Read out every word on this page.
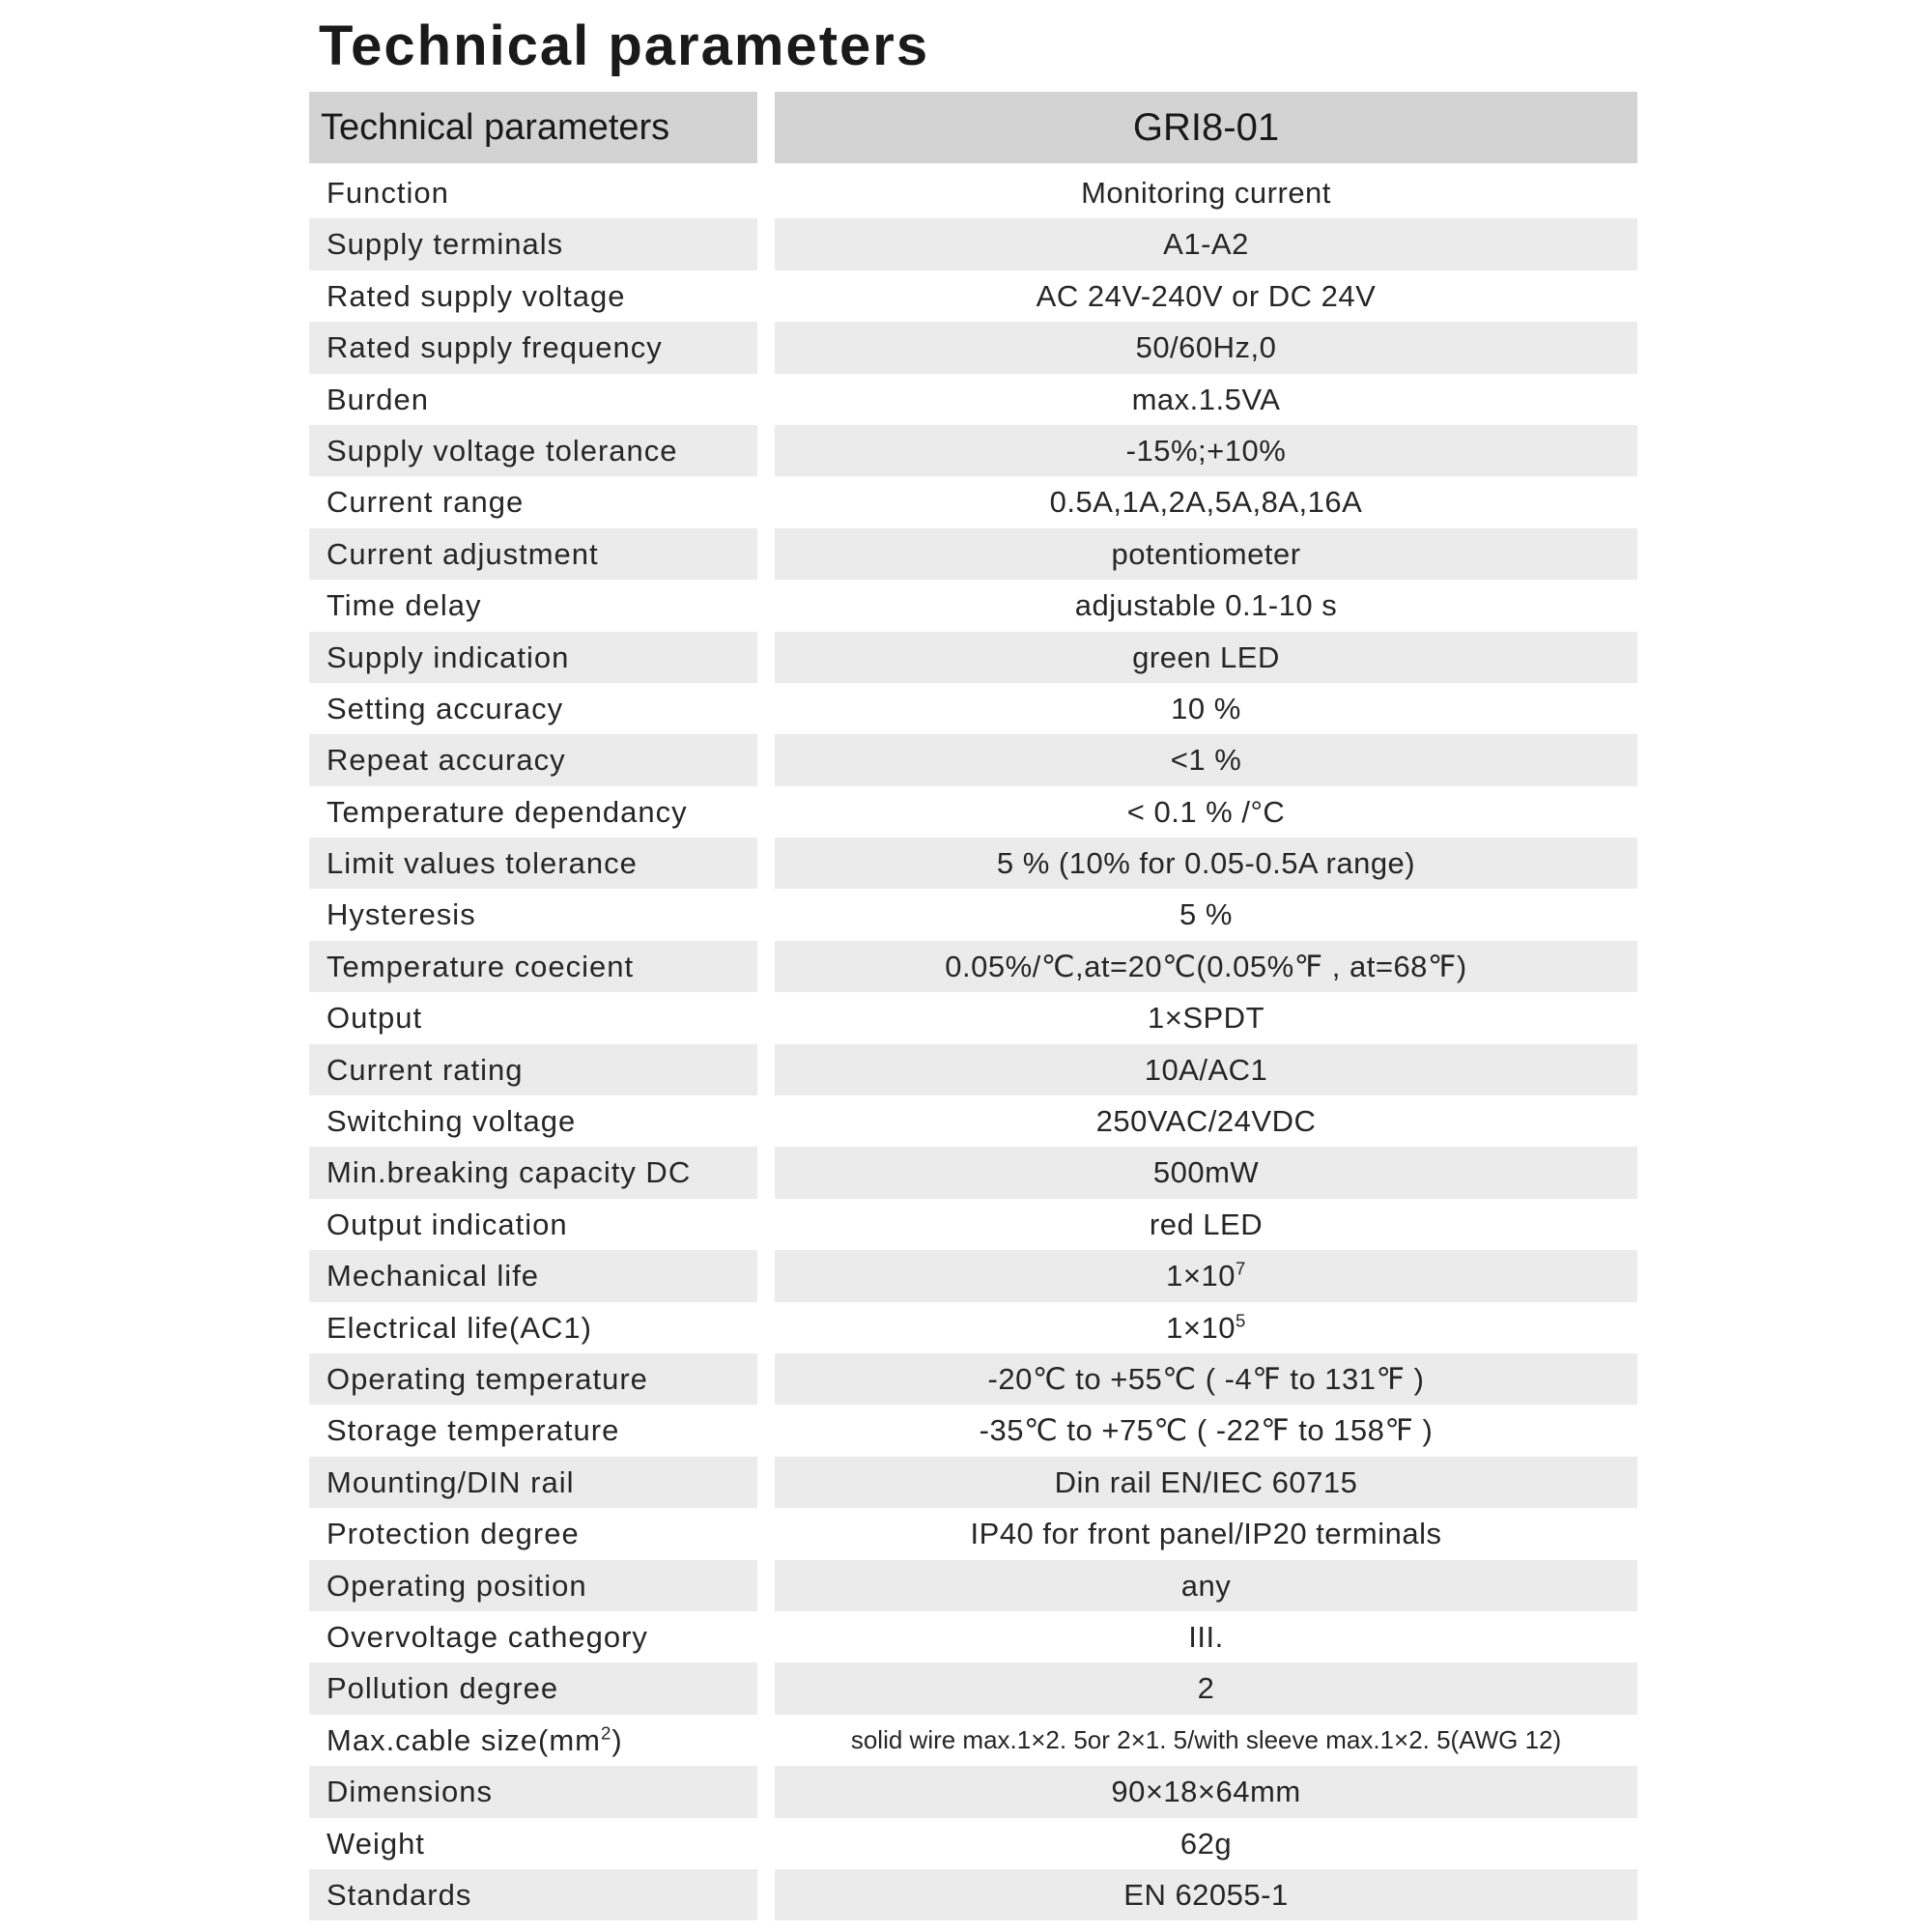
Technical parameters
Technical parameters	GRI8-01
Function	Monitoring current
Supply terminals	A1-A2
Rated supply voltage	AC 24V-240V or DC 24V
Rated supply frequency	50/60Hz,0
Burden	max.1.5VA
Supply voltage tolerance	-15%;+10%
Current range	0.5A,1A,2A,5A,8A,16A
Current adjustment	potentiometer
Time delay	adjustable 0.1-10 s
Supply indication	green LED
Setting accuracy	10 %
Repeat accuracy	<1 %
Temperature dependancy	< 0.1 % /°C
Limit values tolerance	5 % (10% for 0.05-0.5A range)
Hysteresis	5 %
Temperature coecient	0.05%/℃,at=20℃(0.05%℉ , at=68℉)
Output	1×SPDT
Current rating	10A/AC1
Switching voltage	250VAC/24VDC
Min.breaking capacity DC	500mW
Output indication	red LED
Mechanical life	$1\times 10^7$
Electrical life(AC1)	$1\times 10^5$
Operating temperature	-20℃ to +55℃ ( -4℉ to 131℉ )
Storage temperature	-35℃ to +75℃ ( -22℉ to 158℉ )
Mounting/DIN rail	Din rail EN/IEC 60715
Protection degree	IP40 for front panel/IP20 terminals
Operating position	any
Overvoltage cathegory	III.
Pollution degree	2
Max.cable $size(mm^2)$	solid wire max.1×2. 5or 2×1. 5/with sleeve max.1×2. 5(AWG 12)
Dimensions	90×18×64mm
Weight	62g
Standards	EN 62055-1
